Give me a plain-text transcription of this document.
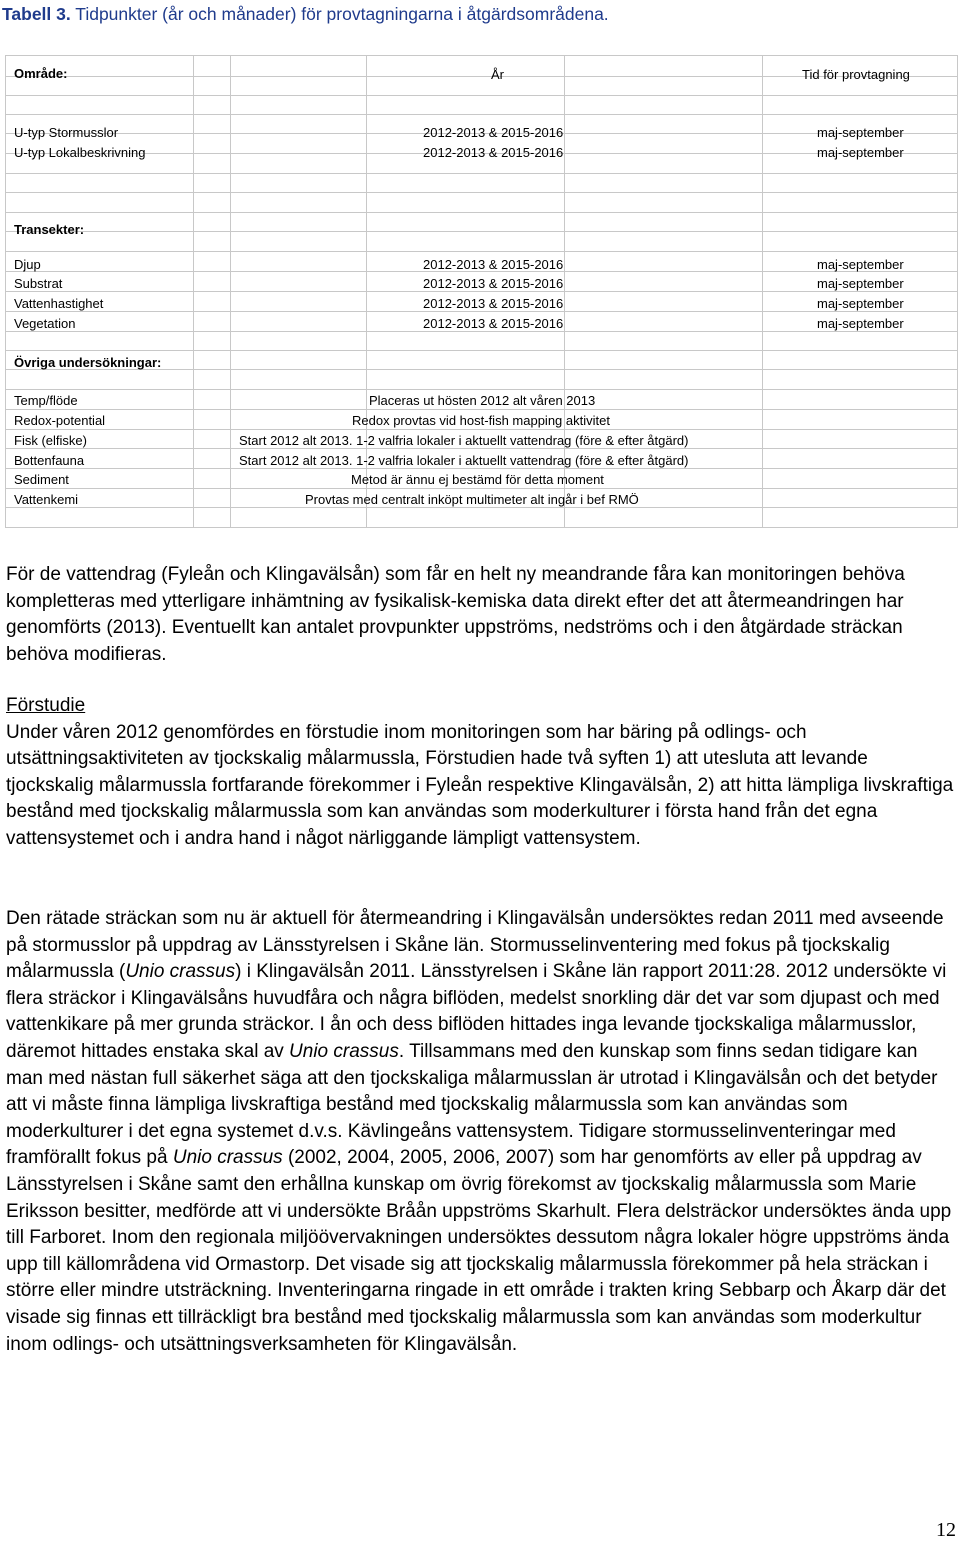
Tabell 3. Tidpunkter (år och månader) för provtagningarna i åtgärdsområdena.
Område:	År	Tid för provtagning
U-typ Stormusslor	2012-2013 & 2015-2016	maj-september
U-typ Lokalbeskrivning	2012-2013 & 2015-2016	maj-september
Transekter:
Djup	2012-2013 & 2015-2016	maj-september
Substrat	2012-2013 & 2015-2016	maj-september
Vattenhastighet	2012-2013 & 2015-2016	maj-september
Vegetation	2012-2013 & 2015-2016	maj-september
Övriga undersökningar:
Temp/flöde	Placeras ut hösten 2012 alt våren 2013
Redox-potential	Redox provtas vid host-fish mapping aktivitet
Fisk (elfiske)	Start 2012 alt 2013. 1-2 valfria lokaler i aktuellt vattendrag (före & efter åtgärd)
Bottenfauna	Start 2012 alt 2013. 1-2 valfria lokaler i aktuellt vattendrag (före & efter åtgärd)
Sediment	Metod är ännu ej bestämd för detta moment
Vattenkemi	Provtas med centralt inköpt multimeter alt ingår i bef RMÖ

För de vattendrag (Fyleån och Klingavälsån) som får en helt ny meandrande fåra kan monitoringen behöva kompletteras med ytterligare inhämtning av fysikalisk-kemiska data direkt efter det att återmeandringen har genomförts (2013). Eventuellt kan antalet provpunkter uppströms, nedströms och i den åtgärdade sträckan behöva modifieras.

Förstudie

Under våren 2012 genomfördes en förstudie inom monitoringen som har bäring på odlings- och utsättningsaktiviteten av tjockskalig målarmussla, Förstudien hade två syften 1) att utesluta att levande tjockskalig målarmussla fortfarande förekommer i Fyleån respektive Klingavälsån, 2) att hitta lämpliga livskraftiga bestånd med tjockskalig målarmussla som kan användas som moderkulturer i första hand från det egna vattensystemet och i andra hand i något närliggande lämpligt vattensystem.

Den rätade sträckan som nu är aktuell för återmeandring i Klingavälsån undersöktes redan 2011 med avseende på stormusslor på uppdrag av Länsstyrelsen i Skåne län. Stormusselinventering med fokus på tjockskalig målarmussla (Unio crassus) i Klingavälsån 2011. Länsstyrelsen i Skåne län rapport 2011:28. 2012 undersökte vi flera sträckor i Klingavälsåns huvudfåra och några biflöden, medelst snorkling där det var som djupast och med vattenkikare på mer grunda sträckor. I ån och dess biflöden hittades inga levande tjockskaliga målarmusslor, däremot hittades enstaka skal av Unio crassus. Tillsammans med den kunskap som finns sedan tidigare kan man med nästan full säkerhet säga att den tjockskaliga målarmusslan är utrotad i Klingavälsån och det betyder att vi måste finna lämpliga livskraftiga bestånd med tjockskalig målarmussla som kan användas som moderkulturer i det egna systemet d.v.s. Kävlingeåns vattensystem. Tidigare stormusselinventeringar med framförallt fokus på Unio crassus (2002, 2004, 2005, 2006, 2007) som har genomförts av eller på uppdrag av Länsstyrelsen i Skåne samt den erhållna kunskap om övrig förekomst av tjockskalig målarmussla som Marie Eriksson besitter, medförde att vi undersökte Bråån uppströms Skarhult. Flera delsträckor undersöktes ända upp till Farboret. Inom den regionala miljöövervakningen undersöktes dessutom några lokaler högre uppströms ända upp till källområdena vid Ormastorp. Det visade sig att tjockskalig målarmussla förekommer på hela sträckan i större eller mindre utsträckning. Inventeringarna ringade in ett område i trakten kring Sebbarp och Åkarp där det visade sig finnas ett tillräckligt bra bestånd med tjockskalig målarmussla som kan användas som moderkultur inom odlings- och utsättningsverksamheten för Klingavälsån.

12
